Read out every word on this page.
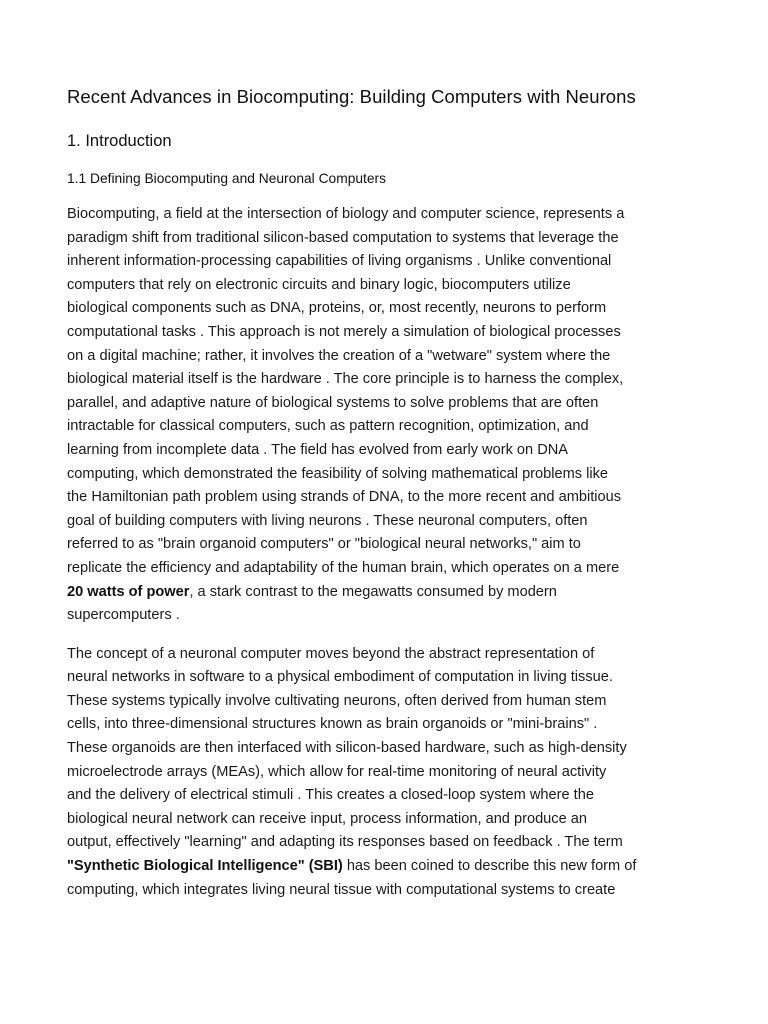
Recent Advances in Biocomputing: Building Computers with Neurons
1. Introduction
1.1 Defining Biocomputing and Neuronal Computers

Biocomputing, a field at the intersection of biology and computer science, represents a
paradigm shift from traditional silicon-based computation to systems that leverage the
inherent information-processing capabilities of living organisms . Unlike conventional
computers that rely on electronic circuits and binary logic, biocomputers utilize
biological components such as DNA, proteins, or, most recently, neurons to perform
computational tasks . This approach is not merely a simulation of biological processes
on a digital machine; rather, it involves the creation of a "wetware" system where the
biological material itself is the hardware . The core principle is to harness the complex,
parallel, and adaptive nature of biological systems to solve problems that are often
intractable for classical computers, such as pattern recognition, optimization, and
learning from incomplete data . The field has evolved from early work on DNA
computing, which demonstrated the feasibility of solving mathematical problems like
the Hamiltonian path problem using strands of DNA, to the more recent and ambitious
goal of building computers with living neurons . These neuronal computers, often
referred to as "brain organoid computers" or "biological neural networks," aim to
replicate the efficiency and adaptability of the human brain, which operates on a mere
20 watts of power, a stark contrast to the megawatts consumed by modern
supercomputers .

The concept of a neuronal computer moves beyond the abstract representation of
neural networks in software to a physical embodiment of computation in living tissue.
These systems typically involve cultivating neurons, often derived from human stem
cells, into three-dimensional structures known as brain organoids or "mini-brains" .
These organoids are then interfaced with silicon-based hardware, such as high-density
microelectrode arrays (MEAs), which allow for real-time monitoring of neural activity
and the delivery of electrical stimuli . This creates a closed-loop system where the
biological neural network can receive input, process information, and produce an
output, effectively "learning" and adapting its responses based on feedback . The term
"Synthetic Biological Intelligence" (SBI) has been coined to describe this new form of
computing, which integrates living neural tissue with computational systems to create
